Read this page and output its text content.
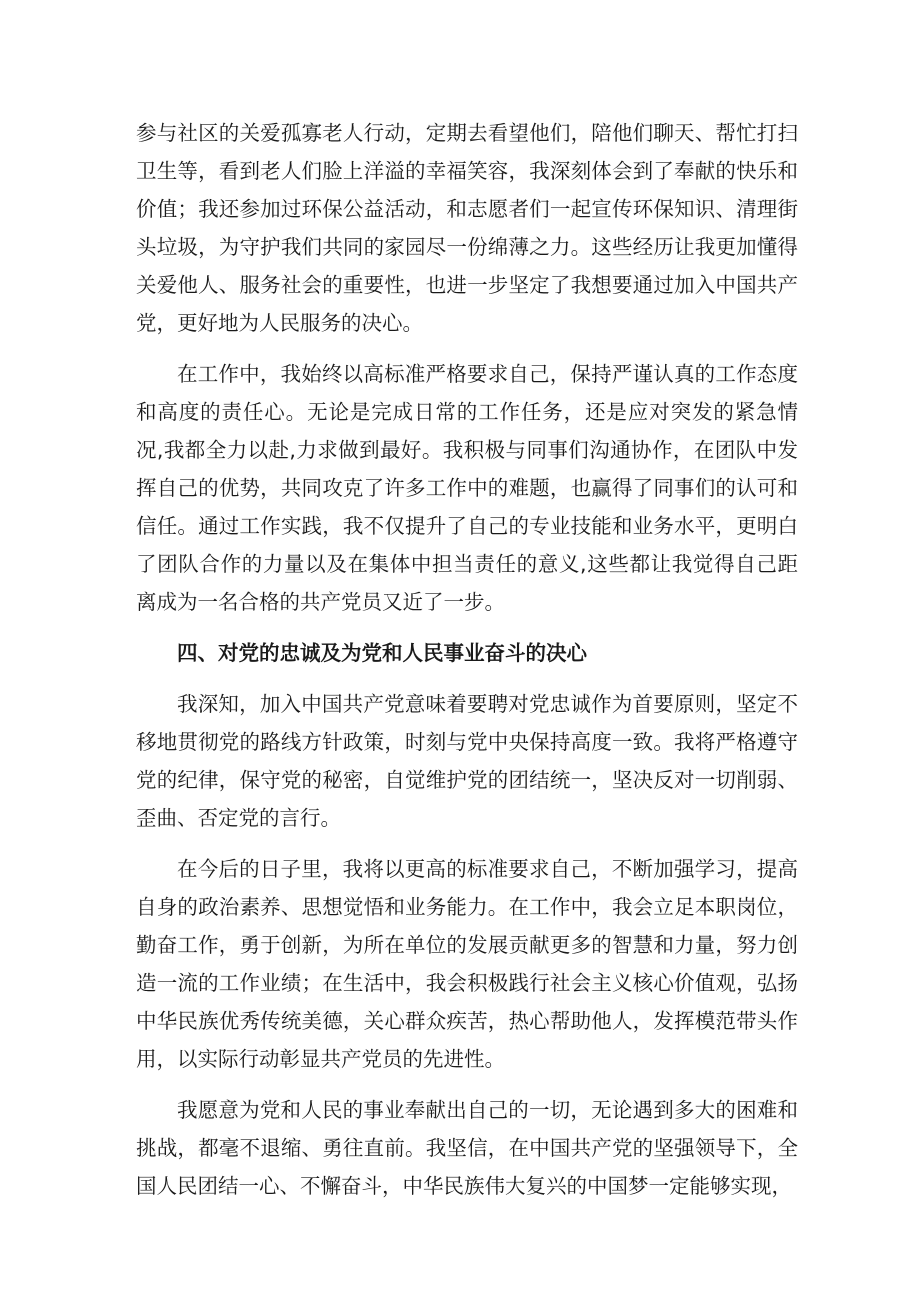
参与社区的关爱孤寡老人行动，定期去看望他们，陪他们聊天、帮忙打扫卫生等，看到老人们脸上洋溢的幸福笑容，我深刻体会到了奉献的快乐和价值；我还参加过环保公益活动，和志愿者们一起宣传环保知识、清理街头垃圾，为守护我们共同的家园尽一份绵薄之力。这些经历让我更加懂得关爱他人、服务社会的重要性，也进一步坚定了我想要通过加入中国共产党，更好地为人民服务的决心。

在工作中，我始终以高标准严格要求自己，保持严谨认真的工作态度和高度的责任心。无论是完成日常的工作任务，还是应对突发的紧急情况,我都全力以赴,力求做到最好。我积极与同事们沟通协作，在团队中发挥自己的优势，共同攻克了许多工作中的难题，也赢得了同事们的认可和信任。通过工作实践，我不仅提升了自己的专业技能和业务水平，更明白了团队合作的力量以及在集体中担当责任的意义,这些都让我觉得自己距离成为一名合格的共产党员又近了一步。

四、对党的忠诚及为党和人民事业奋斗的决心

我深知，加入中国共产党意味着要聘对党忠诚作为首要原则，坚定不移地贯彻党的路线方针政策，时刻与党中央保持高度一致。我将严格遵守党的纪律，保守党的秘密，自觉维护党的团结统一，坚决反对一切削弱、歪曲、否定党的言行。

在今后的日子里，我将以更高的标准要求自己，不断加强学习，提高自身的政治素养、思想觉悟和业务能力。在工作中，我会立足本职岗位，勤奋工作，勇于创新，为所在单位的发展贡献更多的智慧和力量，努力创造一流的工作业绩；在生活中，我会积极践行社会主义核心价值观，弘扬中华民族优秀传统美德，关心群众疾苦，热心帮助他人，发挥模范带头作用，以实际行动彰显共产党员的先进性。

我愿意为党和人民的事业奉献出自己的一切，无论遇到多大的困难和挑战，都毫不退缩、勇往直前。我坚信，在中国共产党的坚强领导下，全国人民团结一心、不懈奋斗，中华民族伟大复兴的中国梦一定能够实现，
